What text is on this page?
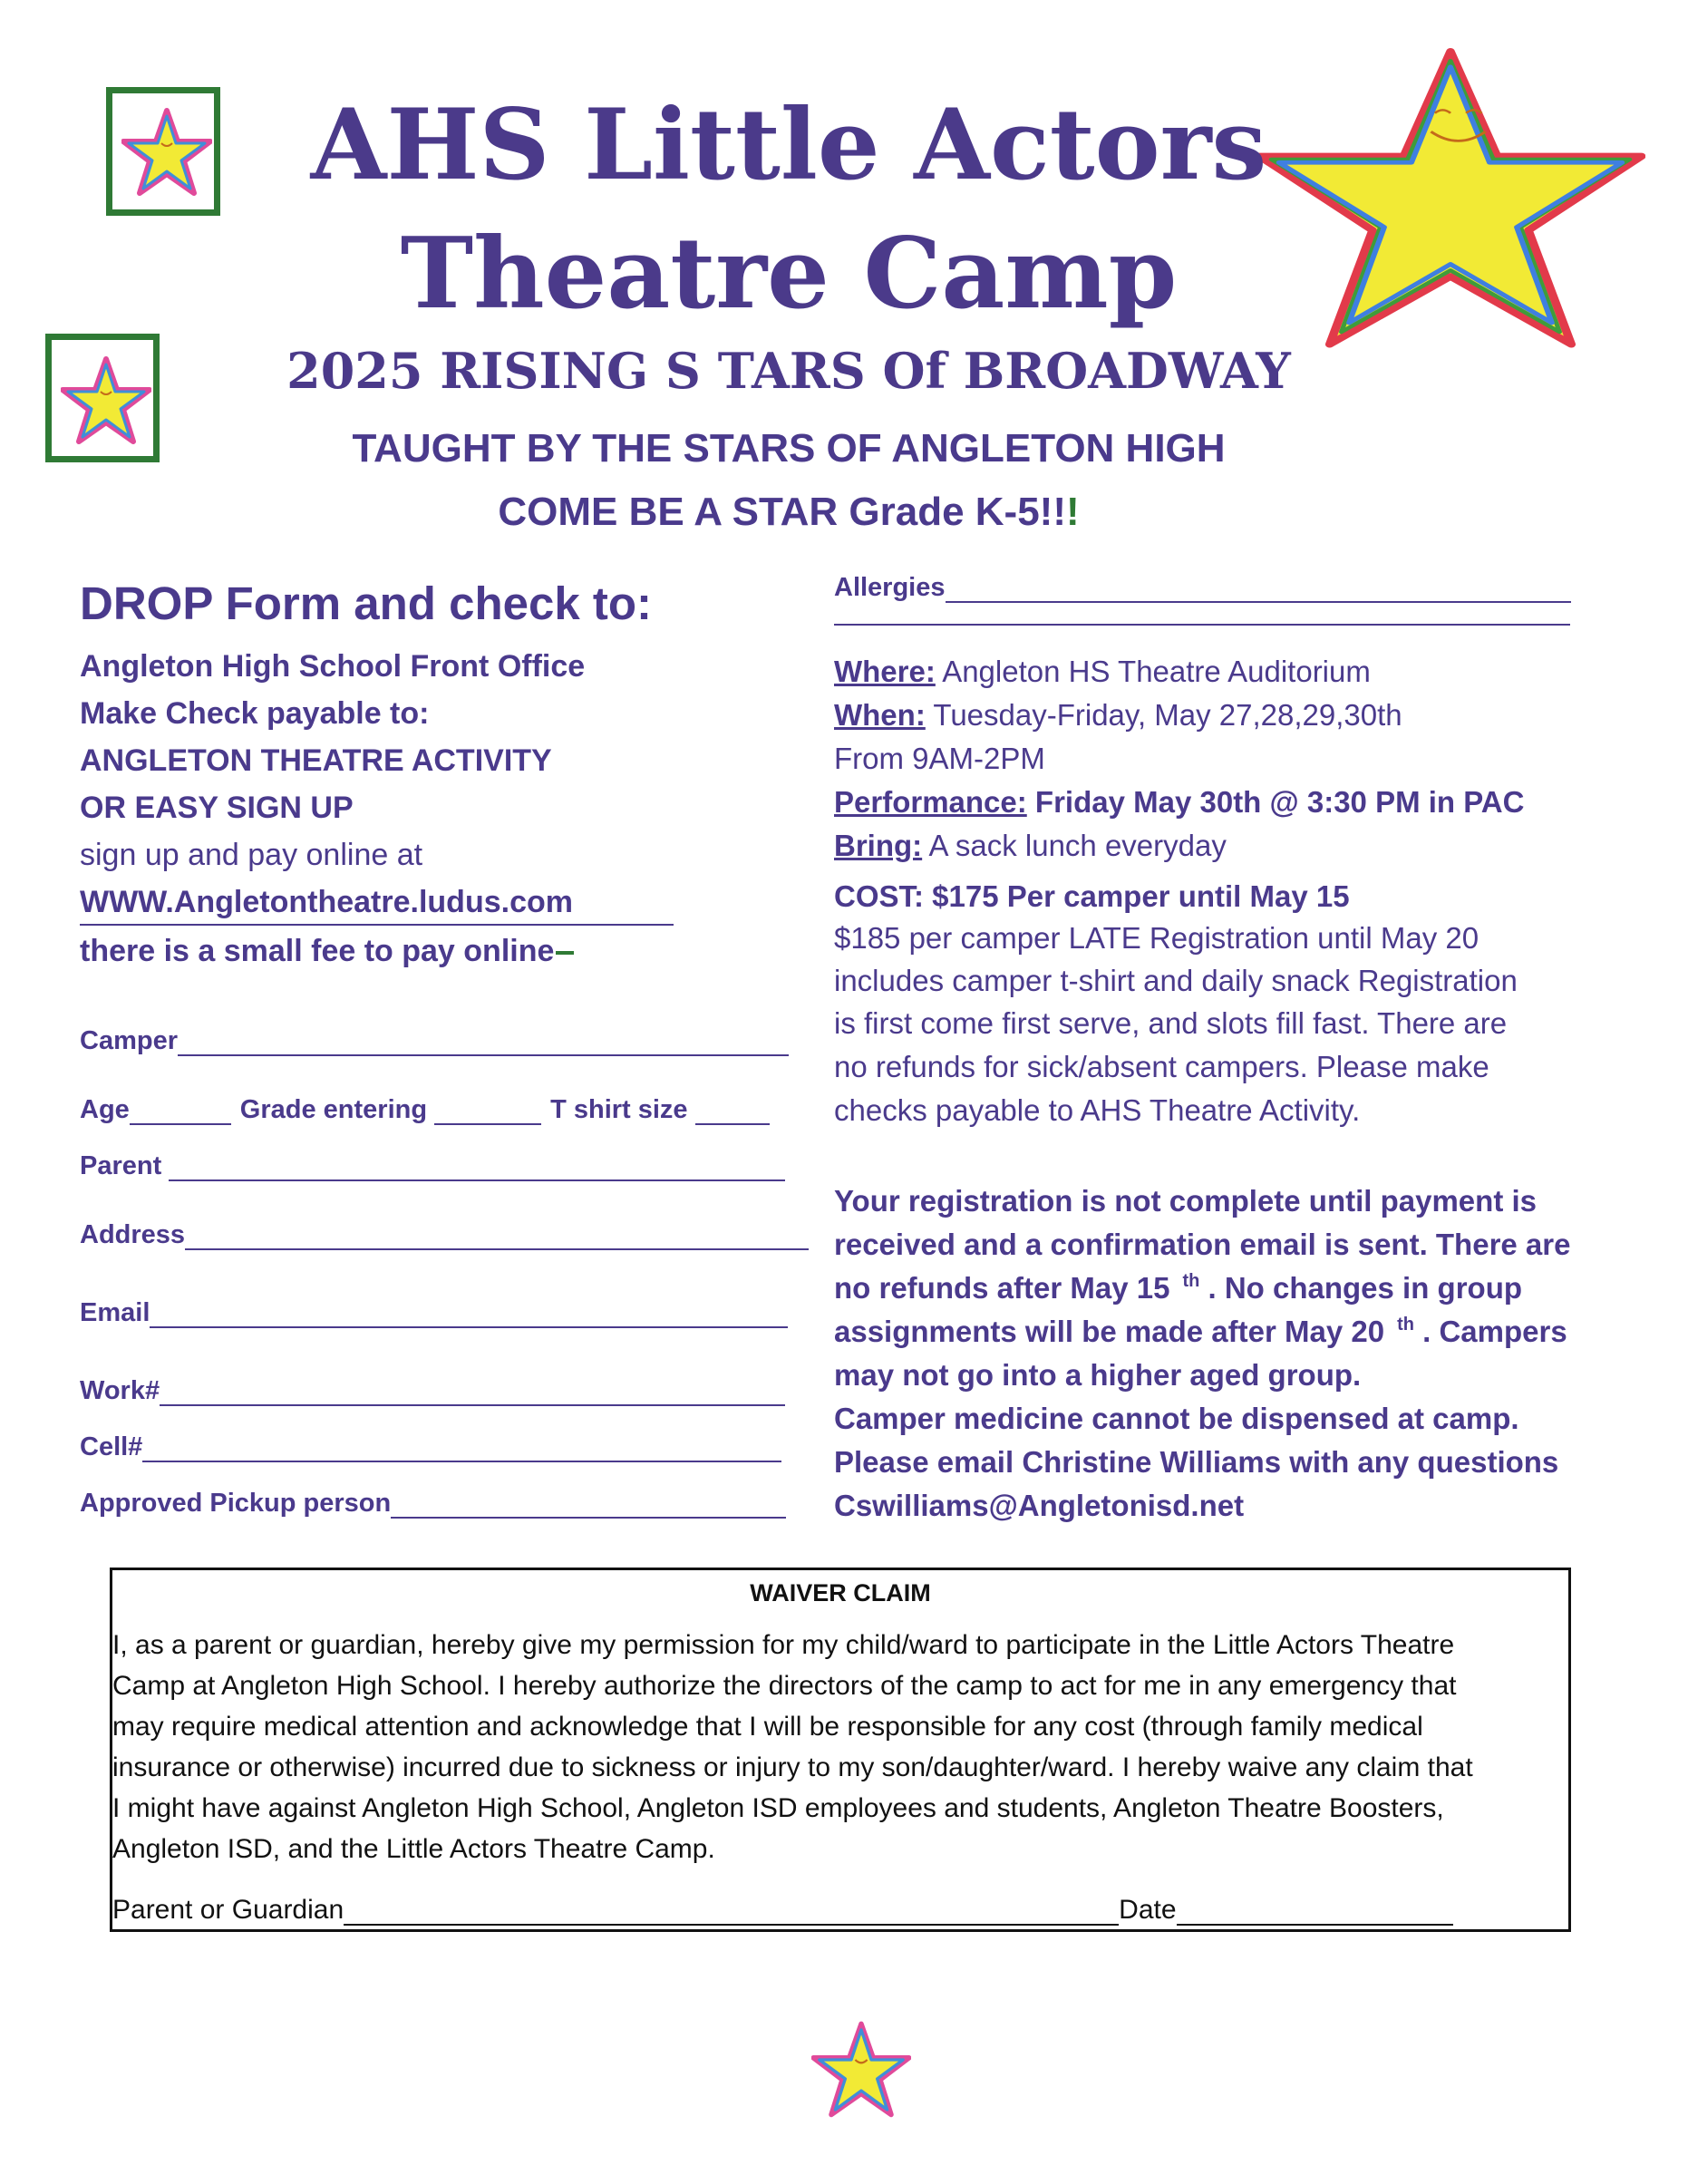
AHS Little Actors
Theatre Camp
2025 RISING S TARS Of BROADWAY
TAUGHT BY THE STARS OF ANGLETON HIGH
COME BE A STAR Grade K-5!!!
DROP Form and check to:
Angleton High School Front Office
Make Check payable to:
ANGLETON THEATRE ACTIVITY
OR EASY SIGN UP
sign up and pay online at
WWW.Angletontheatre.ludus.com
there is a small fee to pay online
Camper
Age	Grade entering	T shirt size
Parent
Address
Email
Work#
Cell#
Approved Pickup person
Allergies
Where: Angleton HS Theatre Auditorium
When: Tuesday-Friday, May 27,28,29,30th
From 9AM-2PM
Performance: Friday May 30th @ 3:30 PM in PAC
Bring: A sack lunch everyday
COST: $175 Per camper until May 15
$185 per camper LATE Registration until May 20
includes camper t-shirt and daily snack Registration
is first come first serve, and slots fill fast. There are
no refunds for sick/absent campers. Please make
checks payable to AHS Theatre Activity.
Your registration is not complete until payment is
received and a confirmation email is sent. There are
no refunds after May 15 $^{th}$ . No changes in group
assignments will be made after May 20 $^{th}$ . Campers
may not go into a higher aged group.
Camper medicine cannot be dispensed at camp.
Please email Christine Williams with any questions
Cswilliams@Angletonisd.net
WAIVER CLAIM
I, as a parent or guardian, hereby give my permission for my child/ward to participate in the Little Actors Theatre
Camp at Angleton High School. I hereby authorize the directors of the camp to act for me in any emergency that
may require medical attention and acknowledge that I will be responsible for any cost (through family medical
insurance or otherwise) incurred due to sickness or injury to my son/daughter/ward. I hereby waive any claim that
I might have against Angleton High School, Angleton ISD employees and students, Angleton Theatre Boosters,
Angleton ISD, and the Little Actors Theatre Camp.
Parent or Guardian	Date
